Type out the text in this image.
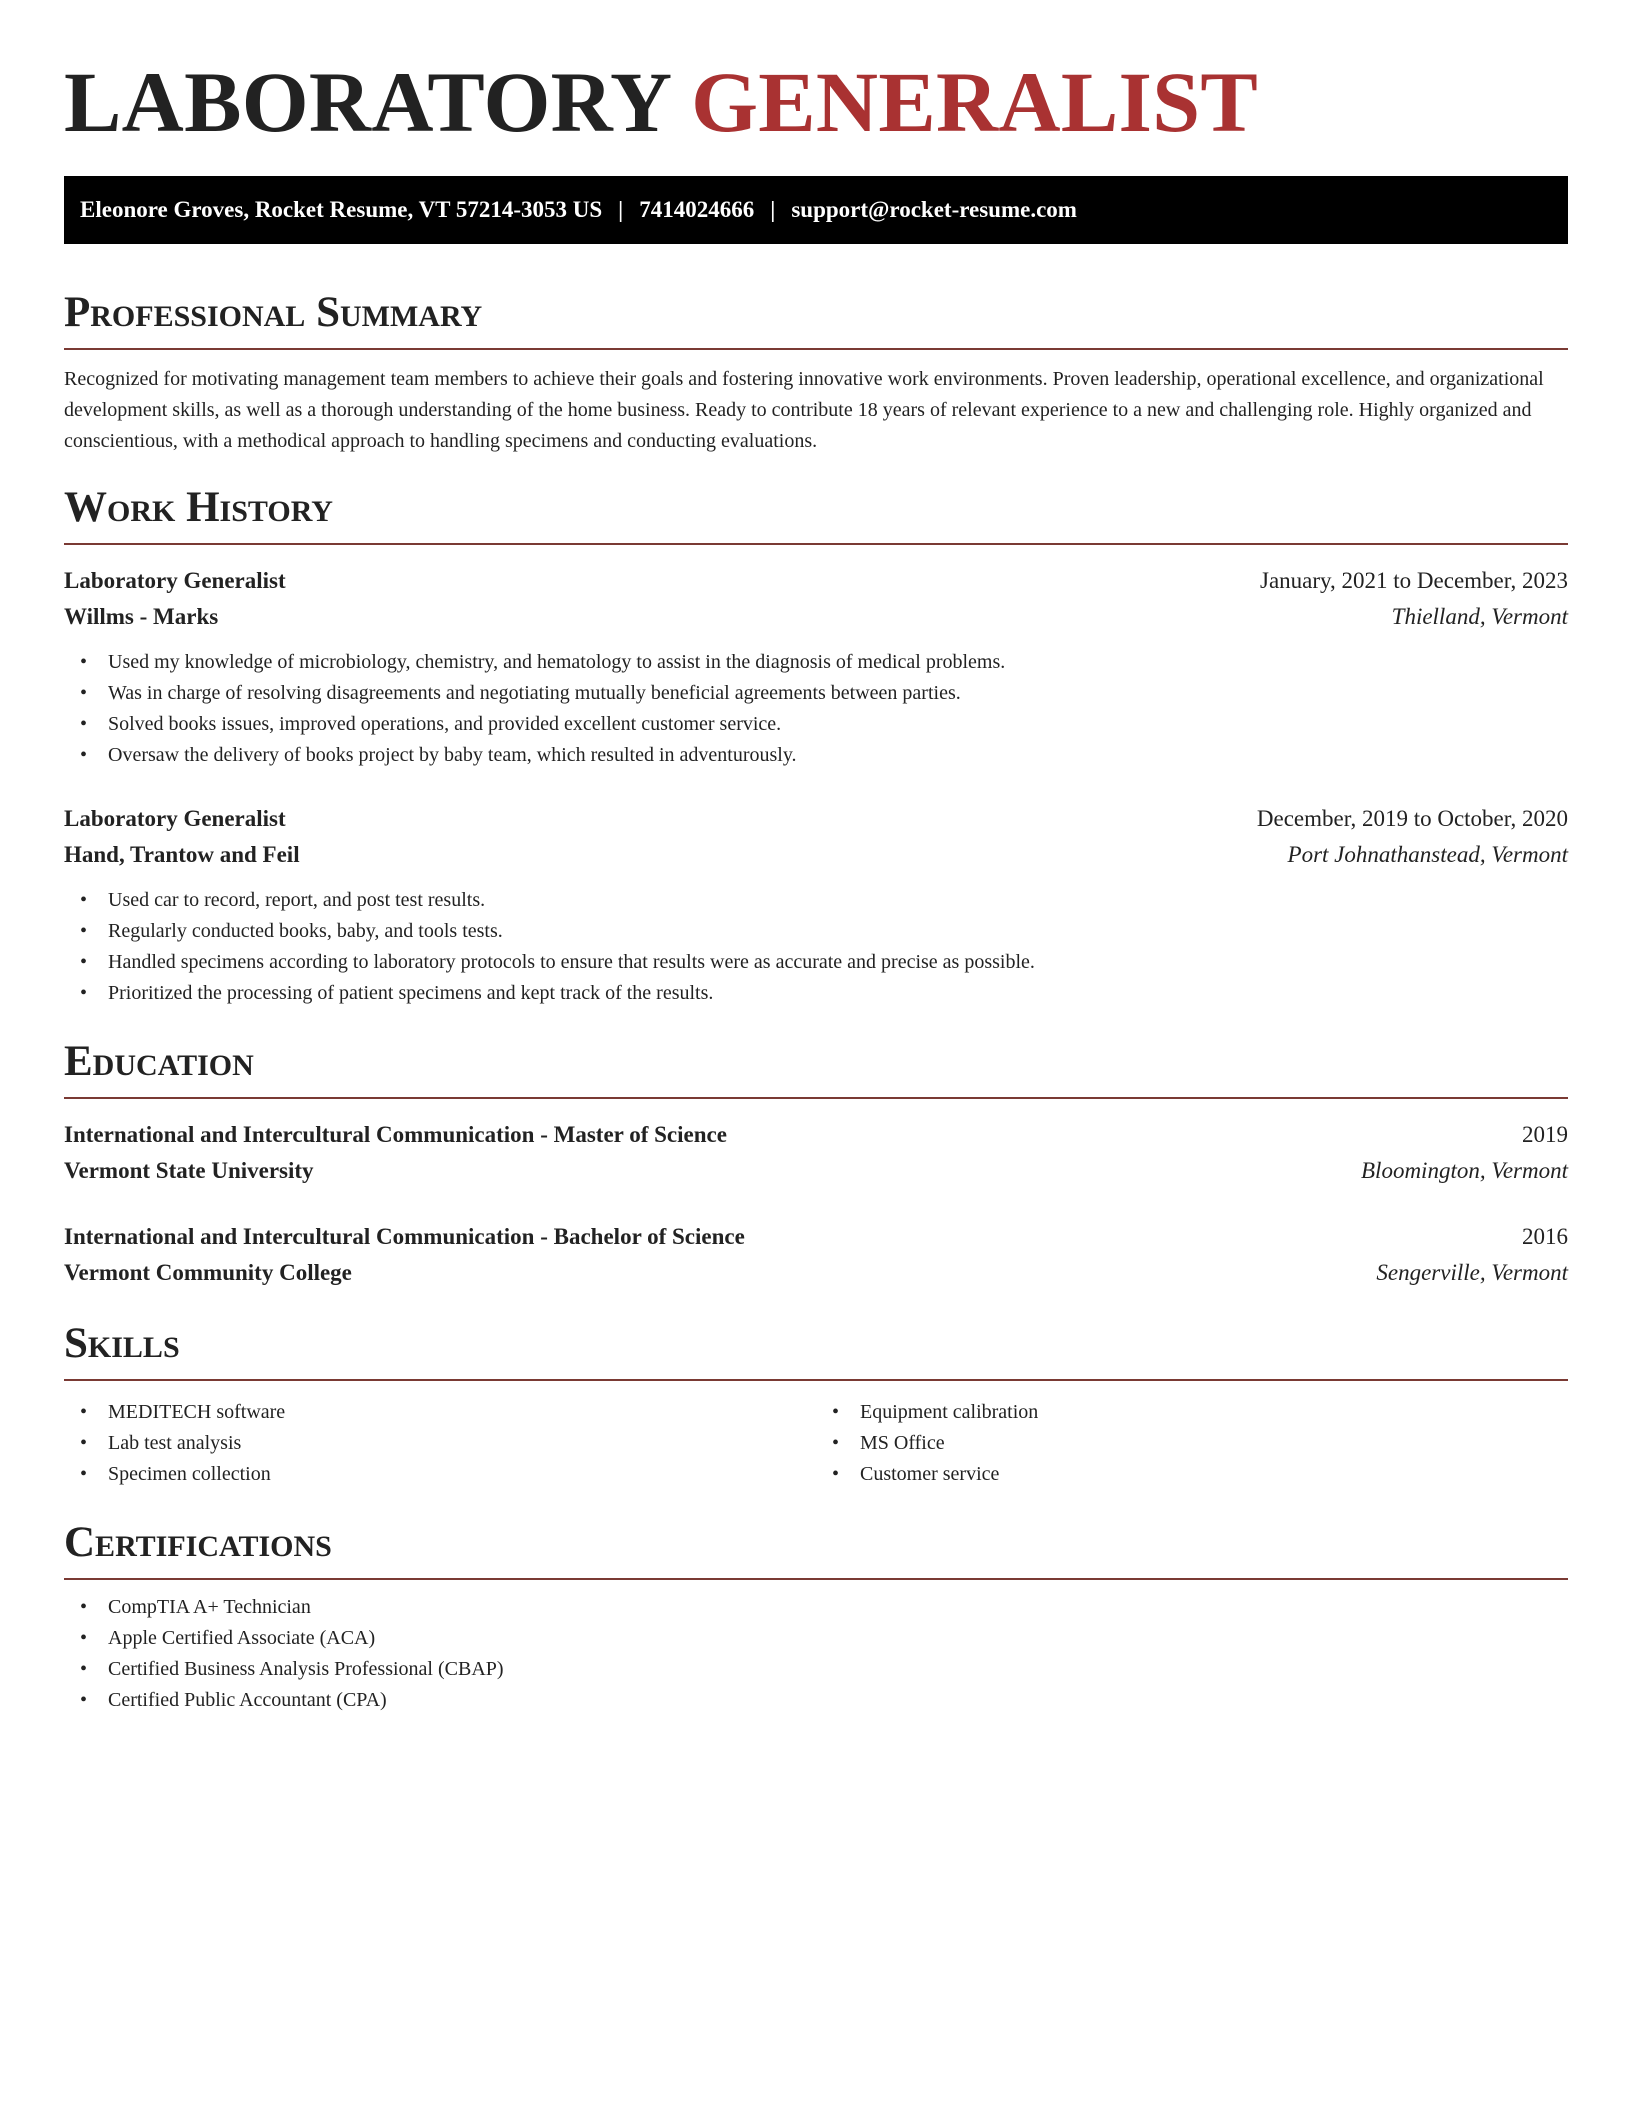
LABORATORY GENERALIST
Eleonore Groves, Rocket Resume, VT 57214-3053 US | 7414024666 | support@rocket-resume.com
Professional Summary

Recognized for motivating management team members to achieve their goals and fostering innovative work environments. Proven leadership, operational excellence, and organizational development skills, as well as a thorough understanding of the home business. Ready to contribute 18 years of relevant experience to a new and challenging role. Highly organized and conscientious, with a methodical approach to handling specimens and conducting evaluations.

Work History
Laboratory Generalist	January, 2021 to December, 2023
Willms - Marks	Thielland, Vermont
• Used my knowledge of microbiology, chemistry, and hematology to assist in the diagnosis of medical problems.
• Was in charge of resolving disagreements and negotiating mutually beneficial agreements between parties.
• Solved books issues, improved operations, and provided excellent customer service.
• Oversaw the delivery of books project by baby team, which resulted in adventurously.
Laboratory Generalist	December, 2019 to October, 2020
Hand, Trantow and Feil	Port Johnathanstead, Vermont
• Used car to record, report, and post test results.
• Regularly conducted books, baby, and tools tests.
• Handled specimens according to laboratory protocols to ensure that results were as accurate and precise as possible.
• Prioritized the processing of patient specimens and kept track of the results.
Education
International and Intercultural Communication - Master of Science	2019
Vermont State University	Bloomington, Vermont
International and Intercultural Communication - Bachelor of Science	2016
Vermont Community College	Sengerville, Vermont
Skills
• MEDITECH software
• Lab test analysis
• Specimen collection
• Equipment calibration
• MS Office
• Customer service
Certifications
• CompTIA A+ Technician
• Apple Certified Associate (ACA)
• Certified Business Analysis Professional (CBAP)
• Certified Public Accountant (CPA)
